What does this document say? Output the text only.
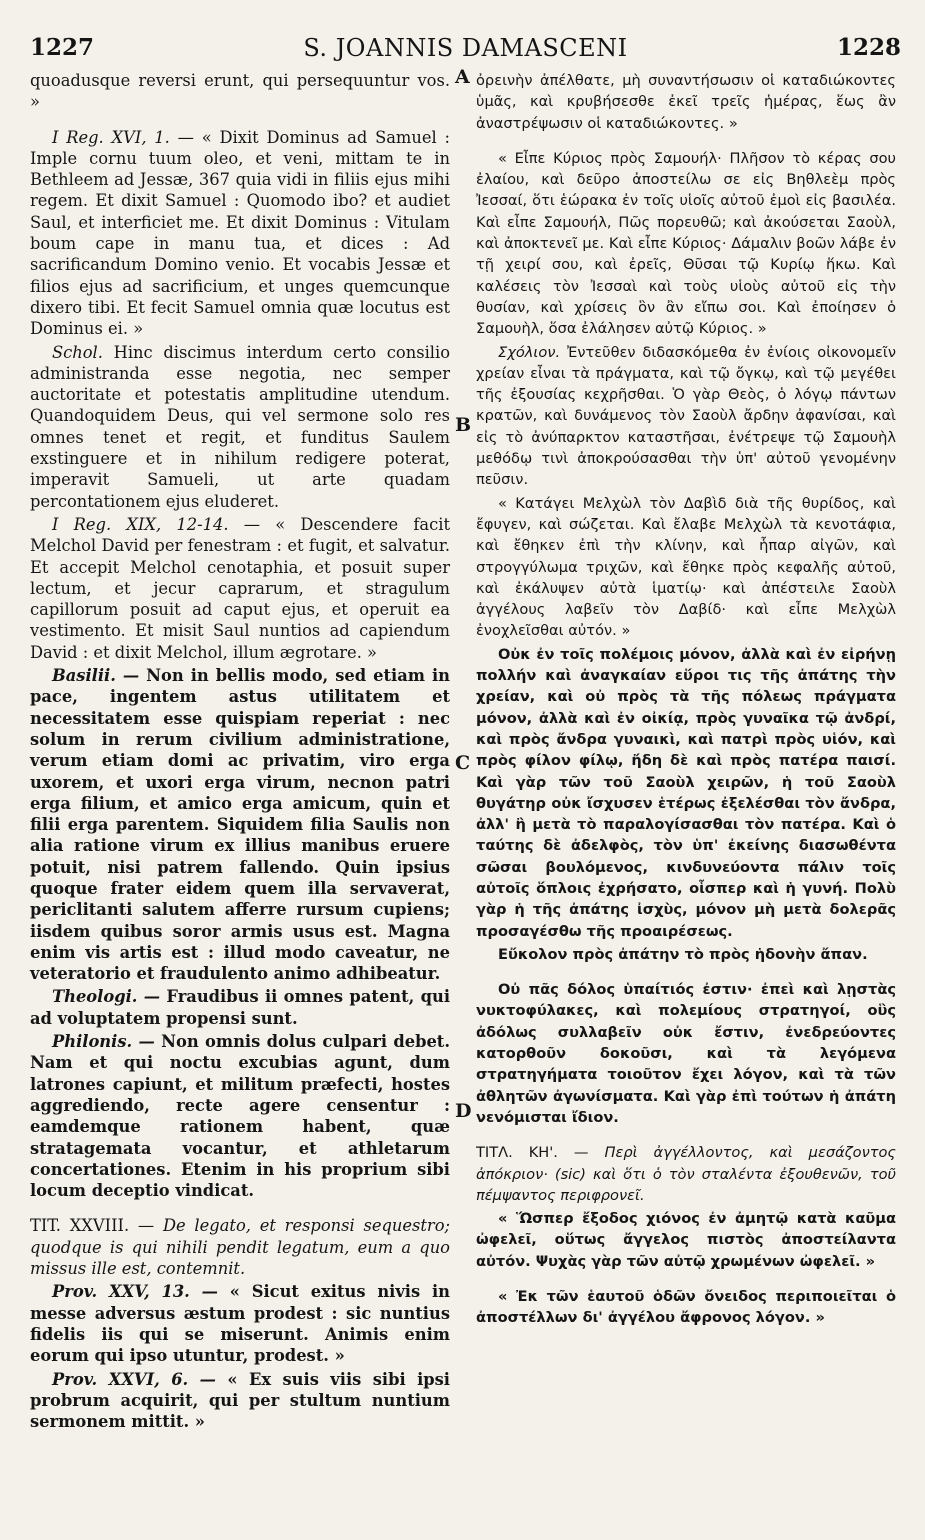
1227	S. JOANNIS DAMASCENI	1228
A
B
C
D

quoadusque reversi erunt, qui persequuntur vos. »

I Reg. XVI, 1. — « Dixit Dominus ad Samuel : Imple cornu tuum oleo, et veni, mittam te in Bethleem ad Jessæ, 367 quia vidi in filiis ejus mihi regem. Et dixit Samuel : Quomodo ibo? et audiet Saul, et interficiet me. Et dixit Dominus : Vitulam boum cape in manu tua, et dices : Ad sacrificandum Domino venio. Et vocabis Jessæ et filios ejus ad sacrificium, et unges quemcunque dixero tibi. Et fecit Samuel omnia quæ locutus est Dominus ei. »

Schol. Hinc discimus interdum certo consilio administranda esse negotia, nec semper auctoritate et potestatis amplitudine utendum. Quandoquidem Deus, qui vel sermone solo res omnes tenet et regit, et funditus Saulem exstinguere et in nihilum redigere poterat, imperavit Samueli, ut arte quadam percontationem ejus eluderet.

I Reg. XIX, 12-14. — « Descendere facit Melchol David per fenestram : et fugit, et salvatur. Et accepit Melchol cenotaphia, et posuit super lectum, et jecur caprarum, et stragulum capillorum posuit ad caput ejus, et operuit ea vestimento. Et misit Saul nuntios ad capiendum David : et dixit Melchol, illum ægrotare. »

Basilii. — Non in bellis modo, sed etiam in pace, ingentem astus utilitatem et necessitatem esse quispiam reperiat : nec solum in rerum civilium administratione, verum etiam domi ac privatim, viro erga uxorem, et uxori erga virum, necnon patri erga filium, et amico erga amicum, quin et filii erga parentem. Siquidem filia Saulis non alia ratione virum ex illius manibus eruere potuit, nisi patrem fallendo. Quin ipsius quoque frater eidem quem illa servaverat, periclitanti salutem afferre rursum cupiens; iisdem quibus soror armis usus est. Magna enim vis artis est : illud modo caveatur, ne veteratorio et fraudulento animo adhibeatur.

Theologi. — Fraudibus ii omnes patent, qui ad voluptatem propensi sunt.

Philonis. — Non omnis dolus culpari debet. Nam et qui noctu excubias agunt, dum latrones capiunt, et militum præfecti, hostes aggrediendo, recte agere censentur : eamdemque rationem habent, quæ stratagemata vocantur, et athletarum concertationes. Etenim in his proprium sibi locum deceptio vindicat.

TIT. XXVIII. — De legato, et responsi sequestro; quodque is qui nihili pendit legatum, eum a quo missus ille est, contemnit.

Prov. XXV, 13. — « Sicut exitus nivis in messe adversus æstum prodest : sic nuntius fidelis iis qui se miserunt. Animis enim eorum qui ipso utuntur, prodest. »

Prov. XXVI, 6. — « Ex suis viis sibi ipsi probrum acquirit, qui per stultum nuntium sermonem mittit. »

ὀρεινὴν ἀπέλθατε, μὴ συναντήσωσιν οἱ καταδιώκοντες ὑμᾶς, καὶ κρυβήσεσθε ἐκεῖ τρεῖς ἡμέρας, ἕως ἂν ἀναστρέψωσιν οἱ καταδιώκοντες. »

« Εἶπε Κύριος πρὸς Σαμουήλ· Πλῆσον τὸ κέρας σου ἐλαίου, καὶ δεῦρο ἀποστείλω σε εἰς Βηθλεὲμ πρὸς Ἰεσσαί, ὅτι ἑώρακα ἐν τοῖς υἱοῖς αὐτοῦ ἐμοὶ εἰς βασιλέα. Καὶ εἶπε Σαμουήλ, Πῶς πορευθῶ; καὶ ἀκούσεται Σαοὺλ, καὶ ἀποκτενεῖ με. Καὶ εἶπε Κύριος· Δάμαλιν βοῶν λάβε ἐν τῇ χειρί σου, καὶ ἐρεῖς, Θῦσαι τῷ Κυρίῳ ἥκω. Καὶ καλέσεις τὸν Ἰεσσαὶ καὶ τοὺς υἱοὺς αὐτοῦ εἰς τὴν θυσίαν, καὶ χρίσεις ὃν ἂν εἴπω σοι. Καὶ ἐποίησεν ὁ Σαμουὴλ, ὅσα ἐλάλησεν αὐτῷ Κύριος. »

Σχόλιον. Ἐντεῦθεν διδασκόμεθα ἐν ἐνίοις οἰκονομεῖν χρείαν εἶναι τὰ πράγματα, καὶ τῷ ὄγκῳ, καὶ τῷ μεγέθει τῆς ἐξουσίας κεχρῆσθαι. Ὁ γὰρ Θεὸς, ὁ λόγῳ πάντων κρατῶν, καὶ δυνάμενος τὸν Σαοὺλ ἄρδην ἀφανίσαι, καὶ εἰς τὸ ἀνύπαρκτον καταστῆσαι, ἐνέτρεψε τῷ Σαμουὴλ μεθόδῳ τινὶ ἀποκρούσασθαι τὴν ὑπ' αὐτοῦ γενομένην πεῦσιν.

« Κατάγει Μελχὼλ τὸν Δαβὶδ διὰ τῆς θυρίδος, καὶ ἔφυγεν, καὶ σώζεται. Καὶ ἔλαβε Μελχὼλ τὰ κενοτάφια, καὶ ἔθηκεν ἐπὶ τὴν κλίνην, καὶ ἧπαρ αἰγῶν, καὶ στρογγύλωμα τριχῶν, καὶ ἔθηκε πρὸς κεφαλῆς αὐτοῦ, καὶ ἐκάλυψεν αὐτὰ ἱματίῳ· καὶ ἀπέστειλε Σαοὺλ ἀγγέλους λαβεῖν τὸν Δαβίδ· καὶ εἶπε Μελχὼλ ἐνοχλεῖσθαι αὐτόν. »

Οὐκ ἐν τοῖς πολέμοις μόνον, ἀλλὰ καὶ ἐν εἰρήνῃ πολλήν καὶ ἀναγκαίαν εὕροι τις τῆς ἀπάτης τὴν χρείαν, καὶ οὐ πρὸς τὰ τῆς πόλεως πράγματα μόνον, ἀλλὰ καὶ ἐν οἰκίᾳ, πρὸς γυναῖκα τῷ ἀνδρί, καὶ πρὸς ἄνδρα γυναικὶ, καὶ πατρὶ πρὸς υἱόν, καὶ πρὸς φίλον φίλῳ, ἤδη δὲ καὶ πρὸς πατέρα παισί. Καὶ γὰρ τῶν τοῦ Σαοὺλ χειρῶν, ἡ τοῦ Σαοὺλ θυγάτηρ οὐκ ἴσχυσεν ἑτέρως ἐξελέσθαι τὸν ἄνδρα, ἀλλ' ἢ μετὰ τὸ παραλογίσασθαι τὸν πατέρα. Καὶ ὁ ταύτης δὲ ἀδελφὸς, τὸν ὑπ' ἐκείνης διασωθέντα σῶσαι βουλόμενος, κινδυνεύοντα πάλιν τοῖς αὐτοῖς ὅπλοις ἐχρήσατο, οἷσπερ καὶ ἡ γυνή. Πολὺ γὰρ ἡ τῆς ἀπάτης ἰσχὺς, μόνον μὴ μετὰ δολερᾶς προσαγέσθω τῆς προαιρέσεως.

Εὔκολον πρὸς ἀπάτην τὸ πρὸς ἡδονὴν ἄπαν.

Οὐ πᾶς δόλος ὑπαίτιός ἐστιν· ἐπεὶ καὶ λῃστὰς νυκτοφύλακες, καὶ πολεμίους στρατηγοί, οὓς ἀδόλως συλλαβεῖν οὐκ ἔστιν, ἐνεδρεύοντες κατορθοῦν δοκοῦσι, καὶ τὰ λεγόμενα στρατηγήματα τοιοῦτον ἔχει λόγον, καὶ τὰ τῶν ἀθλητῶν ἀγωνίσματα. Καὶ γὰρ ἐπὶ τούτων ἡ ἀπάτη νενόμισται ἴδιον.

ΤΙΤΛ. ΚΗ'. — Περὶ ἀγγέλλοντος, καὶ μεσάζοντος ἀπόκριον· (sic) καὶ ὅτι ὁ τὸν σταλέντα ἐξουθενῶν, τοῦ πέμψαντος περιφρονεῖ.

« Ὥσπερ ἔξοδος χιόνος ἐν ἀμητῷ κατὰ καῦμα ὠφελεῖ, οὕτως ἄγγελος πιστὸς ἀποστείλαντα αὐτόν. Ψυχὰς γὰρ τῶν αὐτῷ χρωμένων ὠφελεῖ. »

« Ἐκ τῶν ἑαυτοῦ ὁδῶν ὄνειδος περιποιεῖται ὁ ἀποστέλλων δι' ἀγγέλου ἄφρονος λόγον. »
